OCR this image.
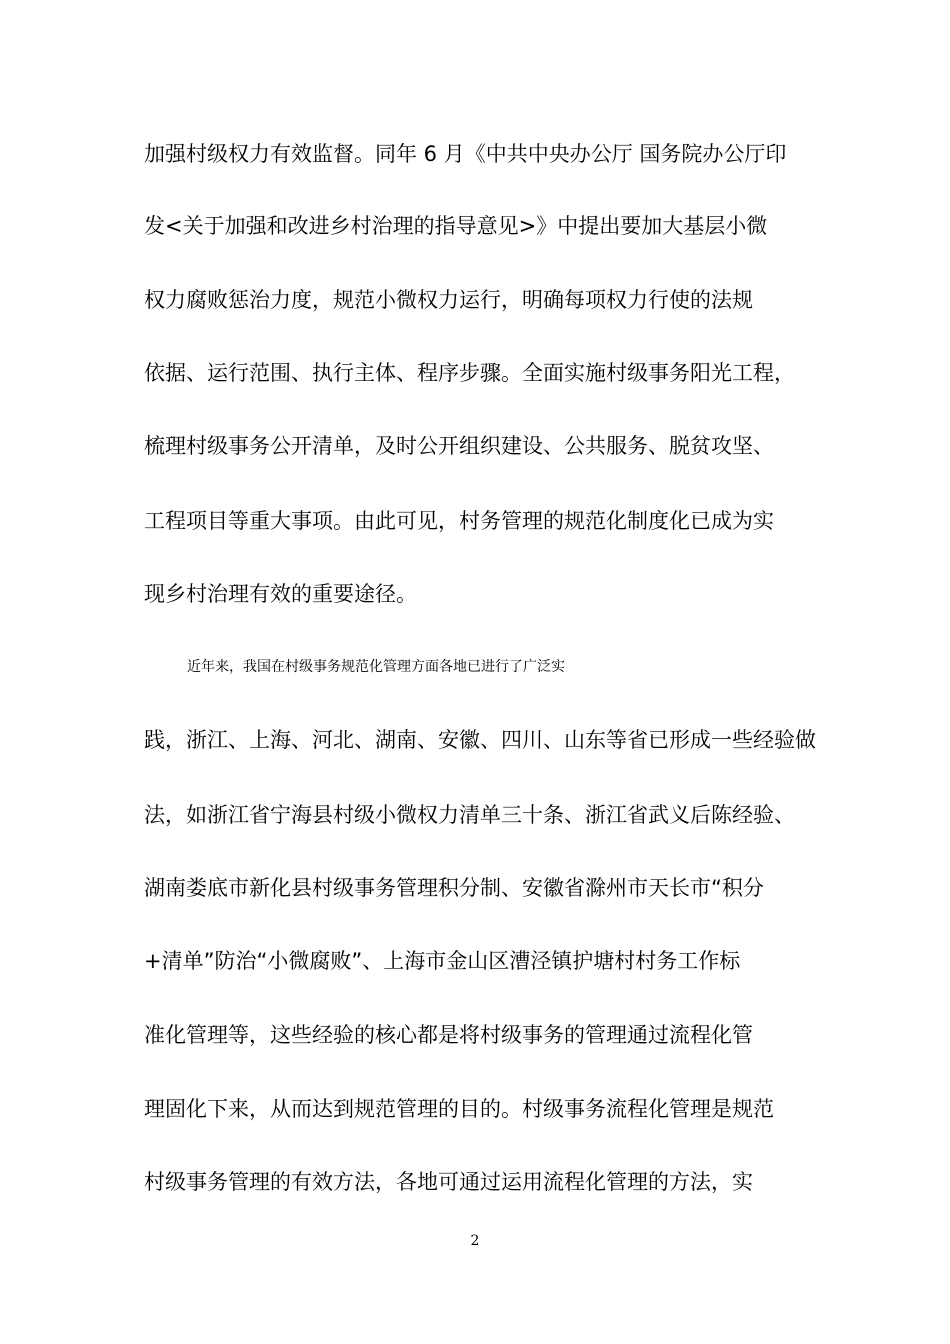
加强村级权力有效监督。同年 6 月《中共中央办公厅 国务院办公厅印
发<关于加强和改进乡村治理的指导意见>》中提出要加大基层小微
权力腐败惩治力度，规范小微权力运行，明确每项权力行使的法规
依据、运行范围、执行主体、程序步骤。全面实施村级事务阳光工程，
梳理村级事务公开清单，及时公开组织建设、公共服务、脱贫攻坚、
工程项目等重大事项。由此可见，村务管理的规范化制度化已成为实
现乡村治理有效的重要途径。
近年来，我国在村级事务规范化管理方面各地已进行了广泛实
践，浙江、上海、河北、湖南、安徽、四川、山东等省已形成一些经验做
法，如浙江省宁海县村级小微权力清单三十条、浙江省武义后陈经验、
湖南娄底市新化县村级事务管理积分制、安徽省滁州市天长市“积分
+清单”防治“小微腐败”、上海市金山区漕泾镇护塘村村务工作标
准化管理等，这些经验的核心都是将村级事务的管理通过流程化管
理固化下来，从而达到规范管理的目的。村级事务流程化管理是规范
村级事务管理的有效方法，各地可通过运用流程化管理的方法，实
2
